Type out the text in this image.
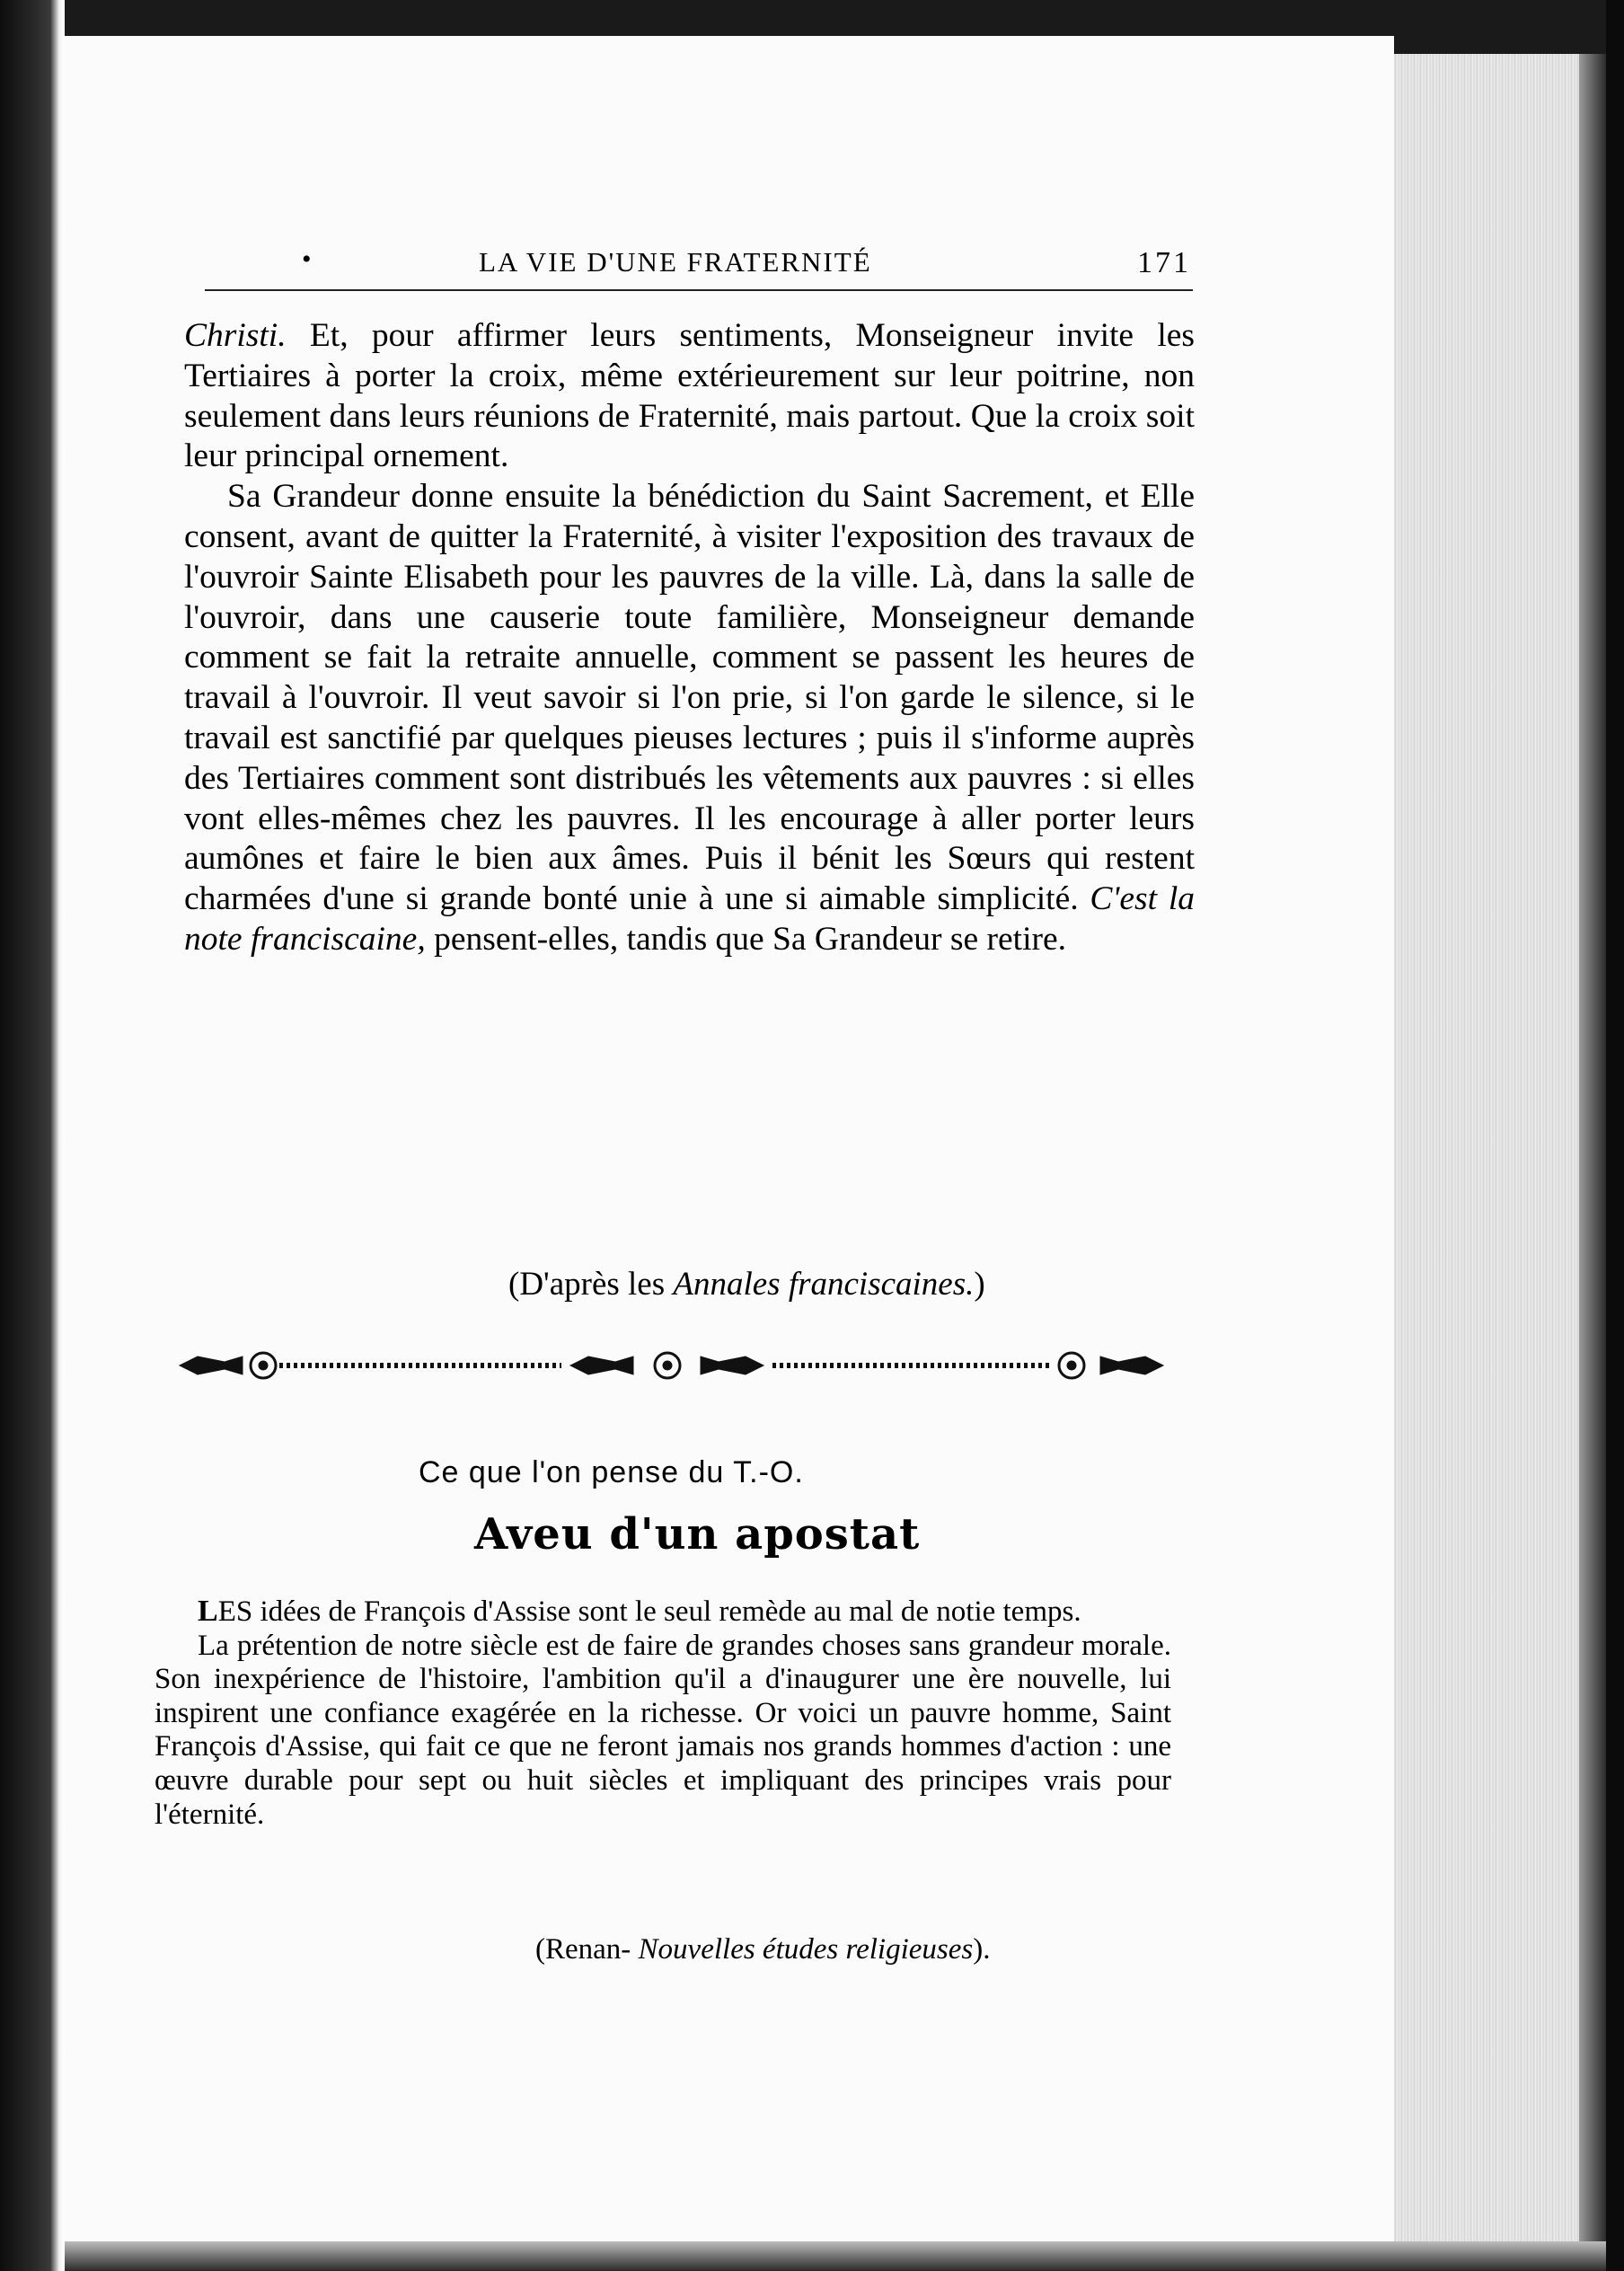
•	LA VIE D'UNE FRATERNITÉ	171

Christi. Et, pour affirmer leurs sentiments, Monseigneur invite les Tertiaires à porter la croix, même extérieurement sur leur poitrine, non seulement dans leurs réunions de Fraternité, mais partout. Que la croix soit leur principal ornement.

Sa Grandeur donne ensuite la bénédiction du Saint Sacrement, et Elle consent, avant de quitter la Fraternité, à visiter l'exposition des travaux de l'ouvroir Sainte Elisabeth pour les pauvres de la ville. Là, dans la salle de l'ouvroir, dans une causerie toute familière, Monseigneur demande comment se fait la retraite annuelle, comment se passent les heures de travail à l'ouvroir. Il veut savoir si l'on prie, si l'on garde le silence, si le travail est sanctifié par quelques pieuses lectures ; puis il s'informe auprès des Tertiaires comment sont distribués les vêtements aux pauvres : si elles vont elles-mêmes chez les pauvres. Il les encourage à aller porter leurs aumônes et faire le bien aux âmes. Puis il bénit les Sœurs qui restent charmées d'une si grande bonté unie à une si aimable simplicité. C'est la note franciscaine, pensent-elles, tandis que Sa Grandeur se retire.

(D'après les Annales franciscaines.)
Ce que l'on pense du T.-O.
Aveu d'un apostat

LES idées de François d'Assise sont le seul remède au mal de notie temps.

La prétention de notre siècle est de faire de grandes choses sans grandeur morale. Son inexpérience de l'histoire, l'ambition qu'il a d'inaugurer une ère nouvelle, lui inspirent une confiance exagérée en la richesse. Or voici un pauvre homme, Saint François d'Assise, qui fait ce que ne feront jamais nos grands hommes d'action : une œuvre durable pour sept ou huit siècles et impliquant des principes vrais pour l'éternité.

(Renan- Nouvelles études religieuses).
